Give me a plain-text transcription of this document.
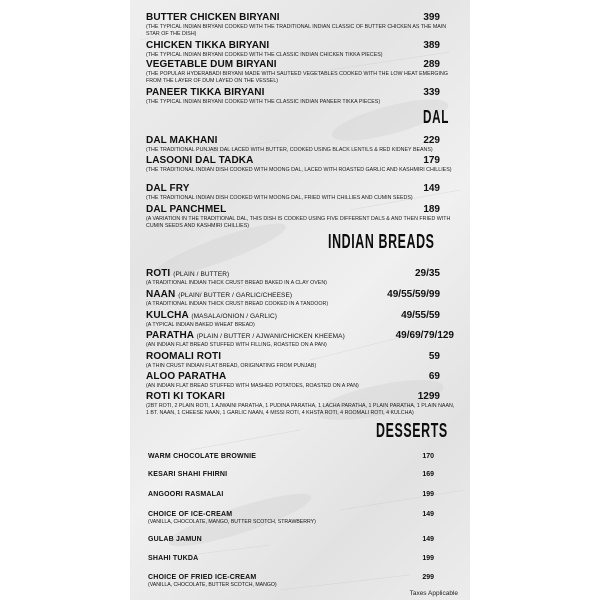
BUTTER CHICKEN BIRYANI	399
(THE TYPICAL INDIAN BIRYANI COOKED WITH THE TRADITIONAL INDIAN CLASSIC OF BUTTER CHICKEN AS THE MAIN STAR OF THE DISH)
CHICKEN TIKKA BIRYANI	389
(THE TYPICAL INDIAN BIRYANI COOKED WITH THE CLASSIC INDIAN CHICKEN TIKKA PIECES)
VEGETABLE DUM BIRYANI	289
(THE POPULAR HYDERABADI BIRYANI MADE WITH SAUTEED VEGETABLES COOKED WITH THE LOW HEAT EMERGING FROM THE LAYER OF DUM LAYED ON THE VESSEL)
PANEER TIKKA BIRYANI	339
(THE TYPICAL INDIAN BIRYANI COOKED WITH THE CLASSIC INDIAN PANEER TIKKA PIECES)
DAL
DAL MAKHANI	229
(THE TRADITIONAL PUNJABI DAL LACED WITH BUTTER, COOKED USING BLACK LENTILS & RED KIDNEY BEANS)
LASOONI DAL TADKA	179
(THE TRADITIONAL INDIAN DISH COOKED WITH MOONG DAL, LACED WITH ROASTED GARLIC AND KASHMIRI CHILLIES)
DAL FRY	149
(THE TRADITIONAL INDIAN DISH COOKED WITH MOONG DAL, FRIED WITH CHILLIES AND CUMIN SEEDS)
DAL PANCHMEL	189
(A VARIATION IN THE TRADITIONAL DAL, THIS DISH IS COOKED USING FIVE DIFFERENT DALS & AND THEN FRIED WITH CUMIN SEEDS AND KASHMIRI CHILLIES)
INDIAN BREADS
ROTI (PLAIN / BUTTER)	29/35
(A TRADITIONAL INDIAN THICK CRUST BREAD BAKED IN A CLAY OVEN)
NAAN (PLAIN/ BUTTER / GARLIC/CHEESE)	49/55/59/99
(A TRADITIONAL INDIAN THICK CRUST BREAD COOKED IN A TANDOOR)
KULCHA (MASALA/ONION / GARLIC)	49/55/59
(A TYPICAL INDIAN BAKED WHEAT BREAD)
PARATHA (PLAIN / BUTTER / AJWANI/CHICKEN KHEEMA)	49/69/79/129
(AN INDIAN FLAT BREAD STUFFED WITH FILLING, ROASTED ON A PAN)
ROOMALI ROTI	59
(A THIN CRUST INDIAN FLAT BREAD, ORIGINATING FROM PUNJAB)
ALOO PARATHA	69
(AN INDIAN FLAT BREAD STUFFED WITH MASHED POTATOES, ROASTED ON A PAN)
ROTI KI TOKARI	1299
(2BT ROTI, 2 PLAIN ROTI, 1 AJWAINI PARATHA, 1 PUDINA PARATHA, 1 LACHA PARATHA, 1 PLAIN PARATHA, 1 PLAIN NAAN, 1 BT. NAAN, 1 CHEESE NAAN, 1 GARLIC NAAN, 4 MISSI ROTI, 4 KHSTA ROTI, 4 ROOMALI ROTI, 4 KULCHA)
DESSERTS
WARM CHOCOLATE BROWNIE	170
KESARI SHAHI FHIRNI	169
ANGOORI RASMALAI	199
CHOICE OF ICE-CREAM	149
(VANILLA, CHOCOLATE, MANGO, BUTTER SCOTCH, STRAWBERRY)
GULAB JAMUN	149
SHAHI TUKDA	199
CHOICE OF FRIED ICE-CREAM	299
(VANILLA, CHOCOLATE, BUTTER SCOTCH, MANGO)
Taxes Applicable
